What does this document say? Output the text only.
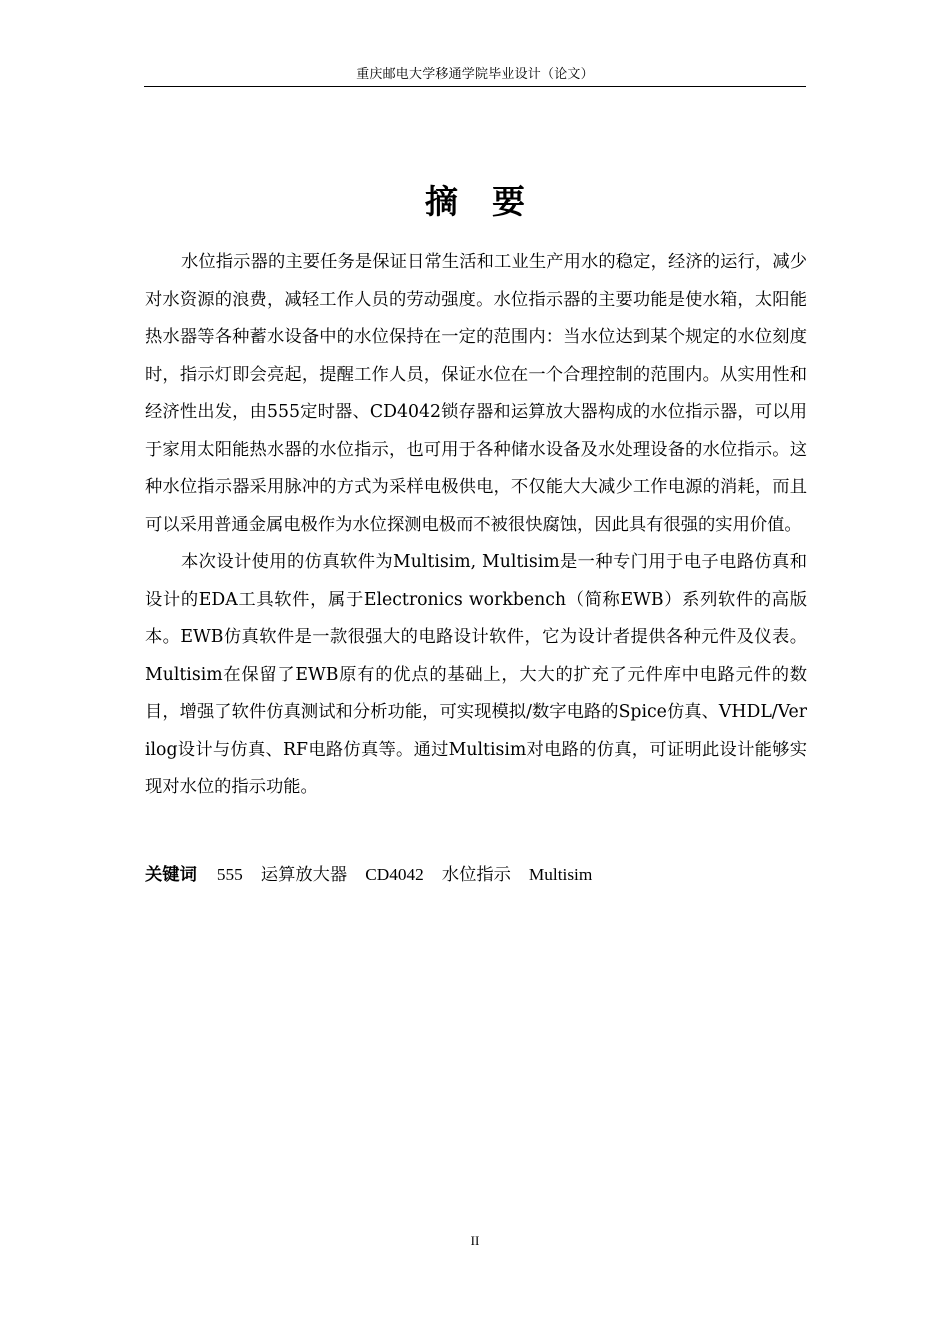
重庆邮电大学移通学院毕业设计（论文）
摘 要

水位指示器的主要任务是保证日常生活和工业生产用水的稳定，经济的运行，减少对水资源的浪费，减轻工作人员的劳动强度。水位指示器的主要功能是使水箱，太阳能热水器等各种蓄水设备中的水位保持在一定的范围内：当水位达到某个规定的水位刻度时，指示灯即会亮起，提醒工作人员，保证水位在一个合理控制的范围内。从实用性和经济性出发，由555定时器、CD4042锁存器和运算放大器构成的水位指示器，可以用于家用太阳能热水器的水位指示，也可用于各种储水设备及水处理设备的水位指示。这种水位指示器采用脉冲的方式为采样电极供电，不仅能大大减少工作电源的消耗，而且可以采用普通金属电极作为水位探测电极而不被很快腐蚀，因此具有很强的实用价值。

本次设计使用的仿真软件为Multisim, Multisim是一种专门用于电子电路仿真和设计的EDA工具软件，属于Electronics workbench（简称EWB）系列软件的高版本。EWB仿真软件是一款很强大的电路设计软件，它为设计者提供各种元件及仪表。Multisim在保留了EWB原有的优点的基础上，大大的扩充了元件库中电路元件的数目，增强了软件仿真测试和分析功能，可实现模拟/数字电路的Spice仿真、VHDL/Verilog设计与仿真、RF电路仿真等。通过Multisim对电路的仿真，可证明此设计能够实现对水位的指示功能。

关键词 555 运算放大器 CD4042 水位指示 Multisim
II
